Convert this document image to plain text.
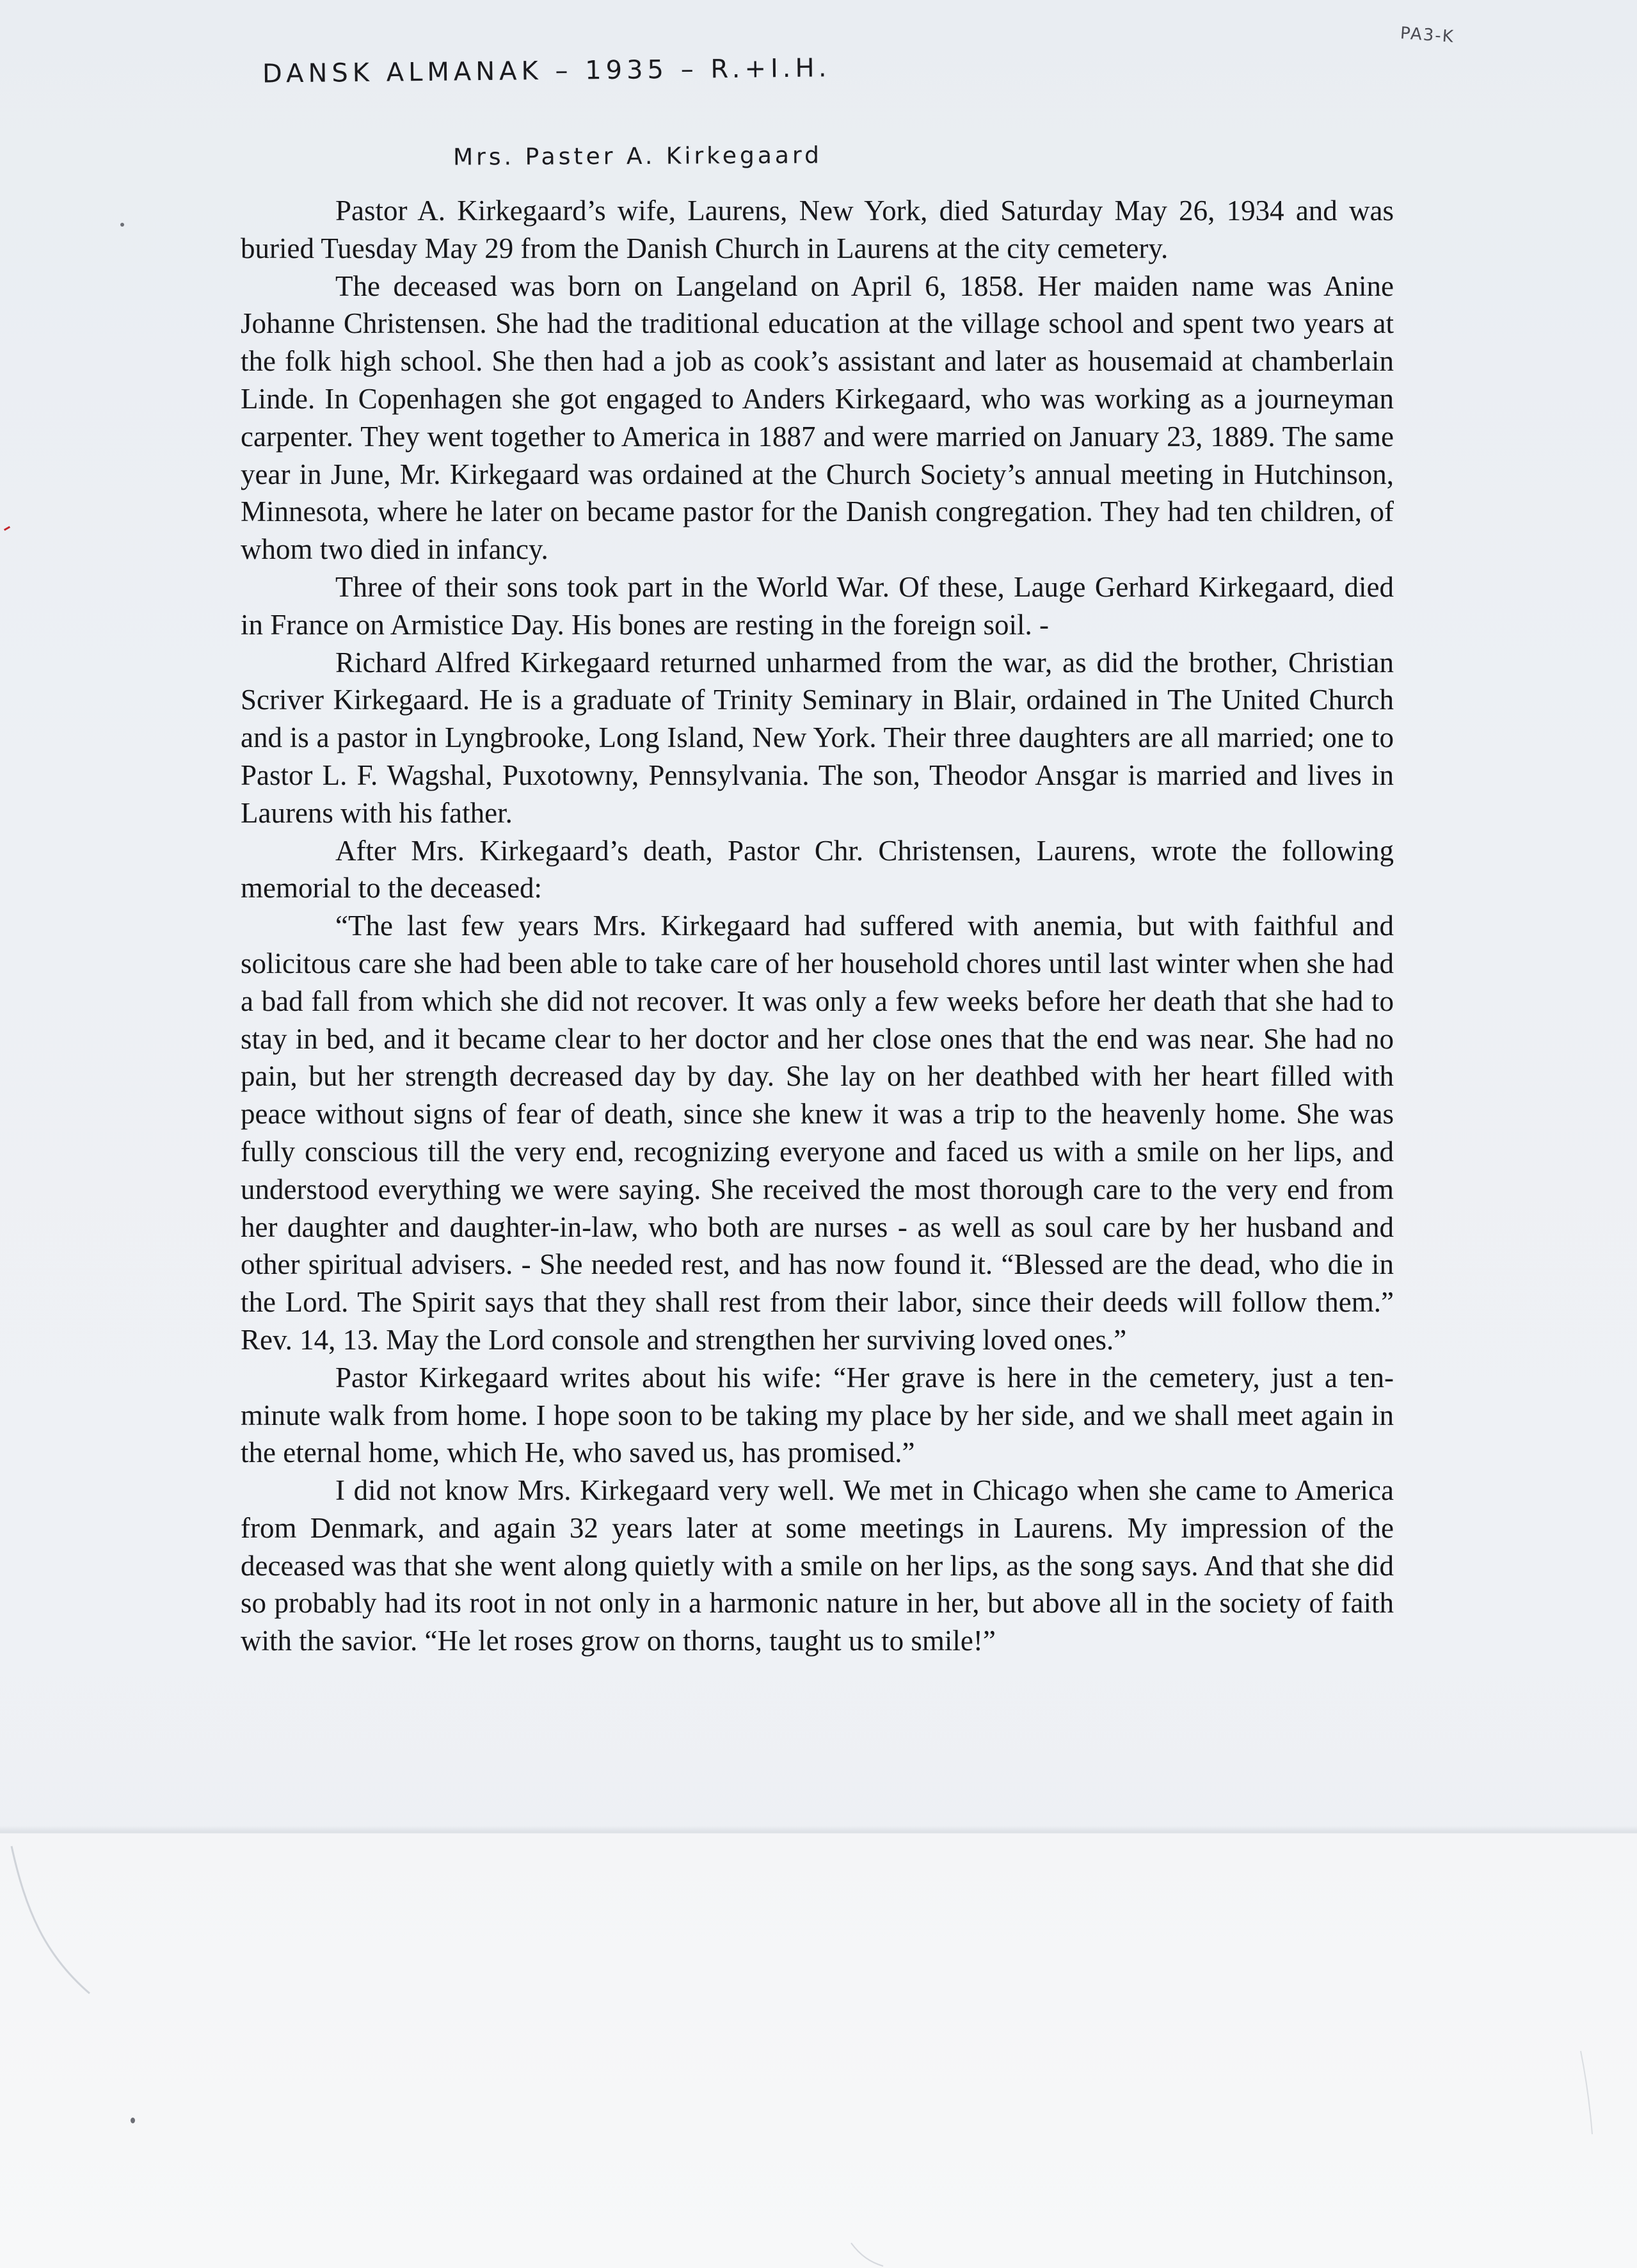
DANSK ALMANAK – 1935 – R.+I.H.
PA3-K
Mrs. Paster A. Kirkegaard

Pastor A. Kirkegaard’s wife, Laurens, New York, died Saturday May 26, 1934 and was buried Tuesday May 29 from the Danish Church in Laurens at the city cemetery.

The deceased was born on Langeland on April 6, 1858. Her maiden name was Anine Johanne Christensen. She had the traditional education at the village school and spent two years at the folk high school. She then had a job as cook’s assistant and later as housemaid at chamberlain Linde. In Copenhagen she got engaged to Anders Kirkegaard, who was working as a journeyman carpenter. They went together to America in 1887 and were married on January 23, 1889. The same year in June, Mr. Kirkegaard was ordained at the Church Society’s annual meeting in Hutchinson, Minnesota, where he later on became pastor for the Danish congregation. They had ten children, of whom two died in infancy.

Three of their sons took part in the World War. Of these, Lauge Gerhard Kirkegaard, died in France on Armistice Day. His bones are resting in the foreign soil. -

Richard Alfred Kirkegaard returned unharmed from the war, as did the brother, Christian Scriver Kirkegaard. He is a graduate of Trinity Seminary in Blair, ordained in The United Church and is a pastor in Lyngbrooke, Long Island, New York. Their three daughters are all married; one to Pastor L. F. Wagshal, Puxotowny, Pennsylvania. The son, Theodor Ansgar is married and lives in Laurens with his father.

After Mrs. Kirkegaard’s death, Pastor Chr. Christensen, Laurens, wrote the following memorial to the deceased:

“The last few years Mrs. Kirkegaard had suffered with anemia, but with faithful and solicitous care she had been able to take care of her household chores until last winter when she had a bad fall from which she did not recover. It was only a few weeks before her death that she had to stay in bed, and it became clear to her doctor and her close ones that the end was near. She had no pain, but her strength decreased day by day. She lay on her deathbed with her heart filled with peace without signs of fear of death, since she knew it was a trip to the heavenly home. She was fully conscious till the very end, recognizing everyone and faced us with a smile on her lips, and understood everything we were saying. She received the most thorough care to the very end from her daughter and daughter-in-law, who both are nurses - as well as soul care by her husband and other spiritual advisers. - She needed rest, and has now found it. “Blessed are the dead, who die in the Lord. The Spirit says that they shall rest from their labor, since their deeds will follow them.” Rev. 14, 13. May the Lord console and strengthen her surviving loved ones.”

Pastor Kirkegaard writes about his wife: “Her grave is here in the cemetery, just a ten-minute walk from home. I hope soon to be taking my place by her side, and we shall meet again in the eternal home, which He, who saved us, has promised.”

I did not know Mrs. Kirkegaard very well. We met in Chicago when she came to America from Denmark, and again 32 years later at some meetings in Laurens. My impression of the deceased was that she went along quietly with a smile on her lips, as the song says. And that she did so probably had its root in not only in a harmonic nature in her, but above all in the society of faith with the savior. “He let roses grow on thorns, taught us to smile!”
